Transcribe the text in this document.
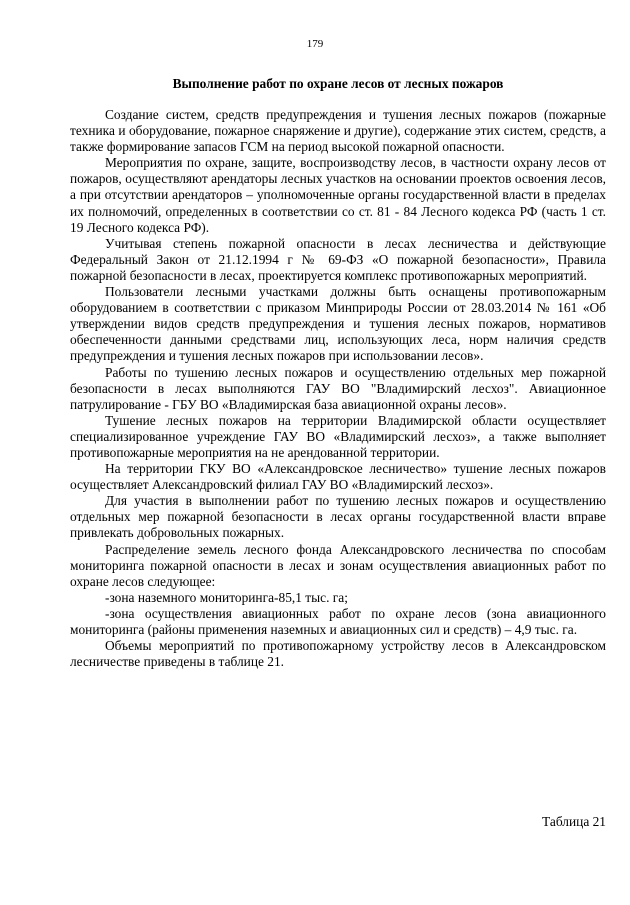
179
Выполнение работ по охране лесов от лесных пожаров

Создание систем, средств предупреждения и тушения лесных пожаров (пожарные техника и оборудование, пожарное снаряжение и другие), содержание этих систем, средств, а также формирование запасов ГСМ на период высокой пожарной опасности.

Мероприятия по охране, защите, воспроизводству лесов, в частности охрану лесов от пожаров, осуществляют арендаторы лесных участков на основании проектов освоения лесов, а при отсутствии арендаторов – уполномоченные органы государственной власти в пределах их полномочий, определенных в соответствии со ст. 81 - 84 Лесного кодекса РФ (часть 1 ст. 19 Лесного кодекса РФ).

Учитывая степень пожарной опасности в лесах лесничества и действующие Федеральный Закон от 21.12.1994 г № 69-ФЗ «О пожарной безопасности», Правила пожарной безопасности в лесах, проектируется комплекс противопожарных мероприятий.

Пользователи лесными участками должны быть оснащены противопожарным оборудованием в соответствии с приказом Минприроды России от 28.03.2014 № 161 «Об утверждении видов средств предупреждения и тушения лесных пожаров, нормативов обеспеченности данными средствами лиц, использующих леса, норм наличия средств предупреждения и тушения лесных пожаров при использовании лесов».

Работы по тушению лесных пожаров и осуществлению отдельных мер пожарной безопасности в лесах выполняются ГАУ ВО "Владимирский лесхоз". Авиационное патрулирование - ГБУ ВО «Владимирская база авиационной охраны лесов».

Тушение лесных пожаров на территории Владимирской области осуществляет специализированное учреждение ГАУ ВО «Владимирский лесхоз», а также выполняет противопожарные мероприятия на не арендованной территории.

На территории ГКУ ВО «Александровское лесничество» тушение лесных пожаров осуществляет Александровский филиал ГАУ ВО «Владимирский лесхоз».

Для участия в выполнении работ по тушению лесных пожаров и осуществлению отдельных мер пожарной безопасности в лесах органы государственной власти вправе привлекать добровольных пожарных.

Распределение земель лесного фонда Александровского лесничества по способам мониторинга пожарной опасности в лесах и зонам осуществления авиационных работ по охране лесов следующее:

-зона наземного мониторинга-85,1 тыс. га;

-зона осуществления авиационных работ по охране лесов (зона авиационного мониторинга (районы применения наземных и авиационных сил и средств) – 4,9 тыс. га.

Объемы мероприятий по противопожарному устройству лесов в Александровском лесничестве приведены в таблице 21.

Таблица 21
